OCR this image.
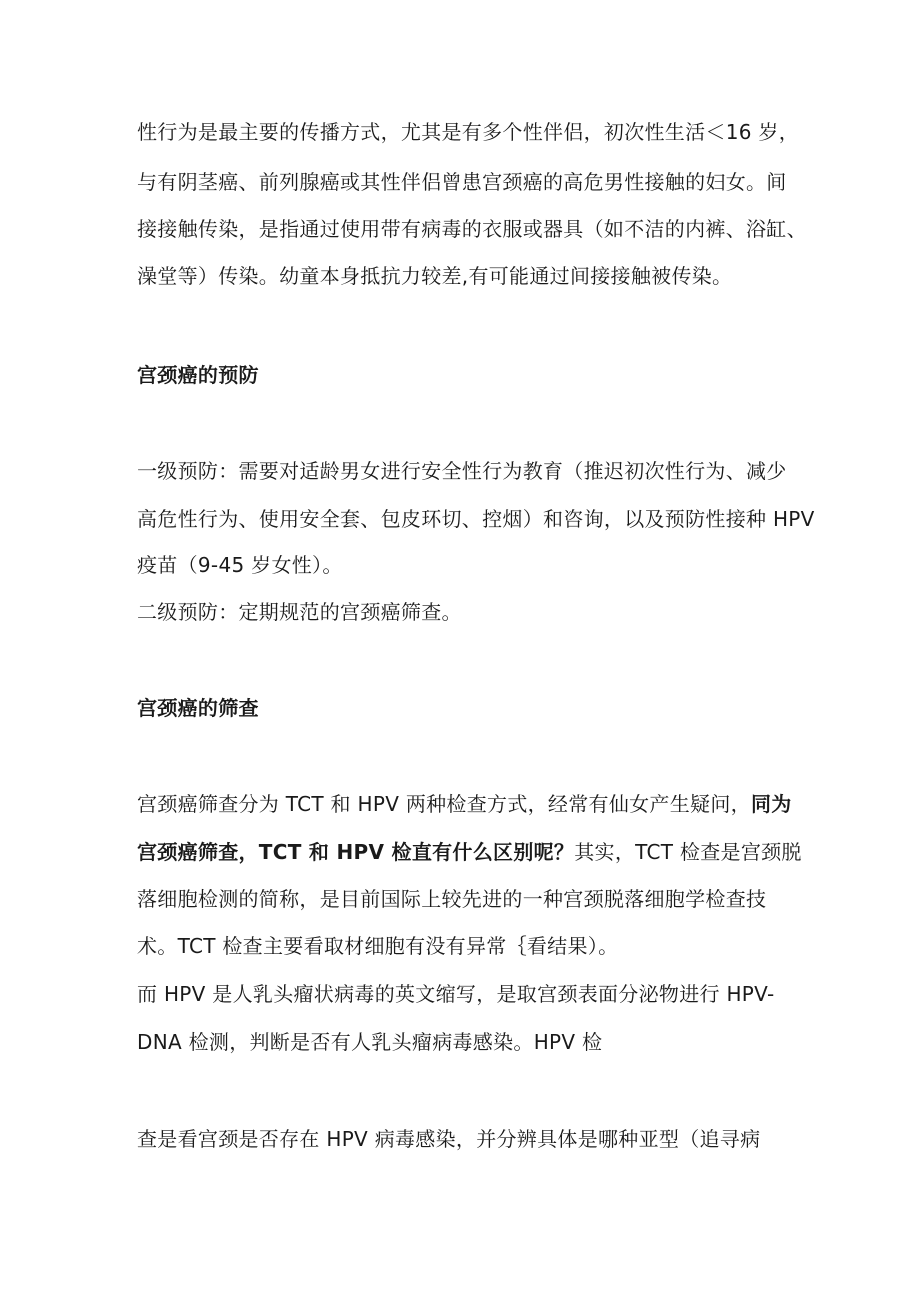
性行为是最主要的传播方式，尤其是有多个性伴侣，初次性生活＜16 岁，
与有阴茎癌、前列腺癌或其性伴侣曾患宫颈癌的高危男性接触的妇女。间
接接触传染，是指通过使用带有病毒的衣服或器具（如不洁的内裤、浴缸、
澡堂等）传染。幼童本身抵抗力较差,有可能通过间接接触被传染。
宫颈癌的预防
一级预防：需要对适龄男女进行安全性行为教育（推迟初次性行为、减少
高危性行为、使用安全套、包皮环切、控烟）和咨询，以及预防性接种 HPV
疫苗（9-45 岁女性）。
二级预防：定期规范的宫颈癌筛查。
宫颈癌的筛查
宫颈癌筛查分为 TCT 和 HPV 两种检查方式，经常有仙女产生疑问，同为
宫颈癌筛查，TCT 和 HPV 检直有什么区别呢？其实，TCT 检查是宫颈脱
落细胞检测的简称，是目前国际上较先进的一种宫颈脱落细胞学检查技
术。TCT 检查主要看取材细胞有没有异常｛看结果）。
而 HPV 是人乳头瘤状病毒的英文缩写，是取宫颈表面分泌物进行 HPV-
DNA 检测，判断是否有人乳头瘤病毒感染。HPV 检
查是看宫颈是否存在 HPV 病毒感染，并分辨具体是哪种亚型（追寻病
